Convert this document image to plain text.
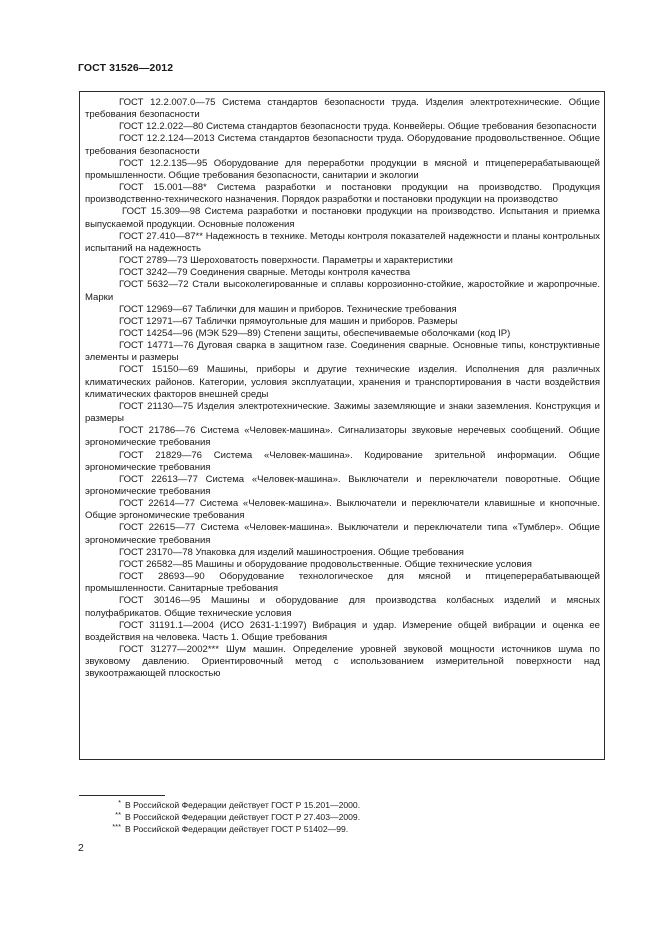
ГОСТ 31526—2012
ГОСТ 12.2.007.0—75 Система стандартов безопасности труда. Изделия электротехнические. Общие требования безопасности
ГОСТ 12.2.022—80 Система стандартов безопасности труда. Конвейеры. Общие требования безопасности
ГОСТ 12.2.124—2013 Система стандартов безопасности труда. Оборудование продовольственное. Общие требования безопасности
ГОСТ 12.2.135—95 Оборудование для переработки продукции в мясной и птицеперерабатывающей промышленности. Общие требования безопасности, санитарии и экологии
ГОСТ 15.001—88* Система разработки и постановки продукции на производство. Продукция производственно-технического назначения. Порядок разработки и постановки продукции на производство
ГОСТ 15.309—98 Система разработки и постановки продукции на производство. Испытания и приемка выпускаемой продукции. Основные положения
ГОСТ 27.410—87** Надежность в технике. Методы контроля показателей надежности и планы контрольных испытаний на надежность
ГОСТ 2789—73 Шероховатость поверхности. Параметры и характеристики
ГОСТ 3242—79 Соединения сварные. Методы контроля качества
ГОСТ 5632—72 Стали высоколегированные и сплавы коррозионно-стойкие, жаростойкие и жаропрочные. Марки
ГОСТ 12969—67 Таблички для машин и приборов. Технические требования
ГОСТ 12971—67 Таблички прямоугольные для машин и приборов. Размеры
ГОСТ 14254—96 (МЭК 529—89) Степени защиты, обеспечиваемые оболочками (код IP)
ГОСТ 14771—76 Дуговая сварка в защитном газе. Соединения сварные. Основные типы, конструктивные элементы и размеры
ГОСТ 15150—69 Машины, приборы и другие технические изделия. Исполнения для различных климатических районов. Категории, условия эксплуатации, хранения и транспортирования в части воздействия климатических факторов внешней среды
ГОСТ 21130—75 Изделия электротехнические. Зажимы заземляющие и знаки заземления. Конструкция и размеры
ГОСТ 21786—76 Система «Человек-машина». Сигнализаторы звуковые неречевых сообщений. Общие эргономические требования
ГОСТ 21829—76 Система «Человек-машина». Кодирование зрительной информации. Общие эргономические требования
ГОСТ 22613—77 Система «Человек-машина». Выключатели и переключатели поворотные. Общие эргономические требования
ГОСТ 22614—77 Система «Человек-машина». Выключатели и переключатели клавишные и кнопочные. Общие эргономические требования
ГОСТ 22615—77 Система «Человек-машина». Выключатели и переключатели типа «Тумблер». Общие эргономические требования
ГОСТ 23170—78 Упаковка для изделий машиностроения. Общие требования
ГОСТ 26582—85 Машины и оборудование продовольственные. Общие технические условия
ГОСТ 28693—90 Оборудование технологическое для мясной и птицеперерабатывающей промышленности. Санитарные требования
ГОСТ 30146—95 Машины и оборудование для производства колбасных изделий и мясных полуфабрикатов. Общие технические условия
ГОСТ 31191.1—2004 (ИСО 2631-1:1997) Вибрация и удар. Измерение общей вибрации и оценка ее воздействия на человека. Часть 1. Общие требования
ГОСТ 31277—2002*** Шум машин. Определение уровней звуковой мощности источников шума по звуковому давлению. Ориентировочный метод с использованием измерительной поверхности над звукоотражающей плоскостью
* В Российской Федерации действует ГОСТ Р 15.201—2000.
** В Российской Федерации действует ГОСТ Р 27.403—2009.
*** В Российской Федерации действует ГОСТ Р 51402—99.
2
